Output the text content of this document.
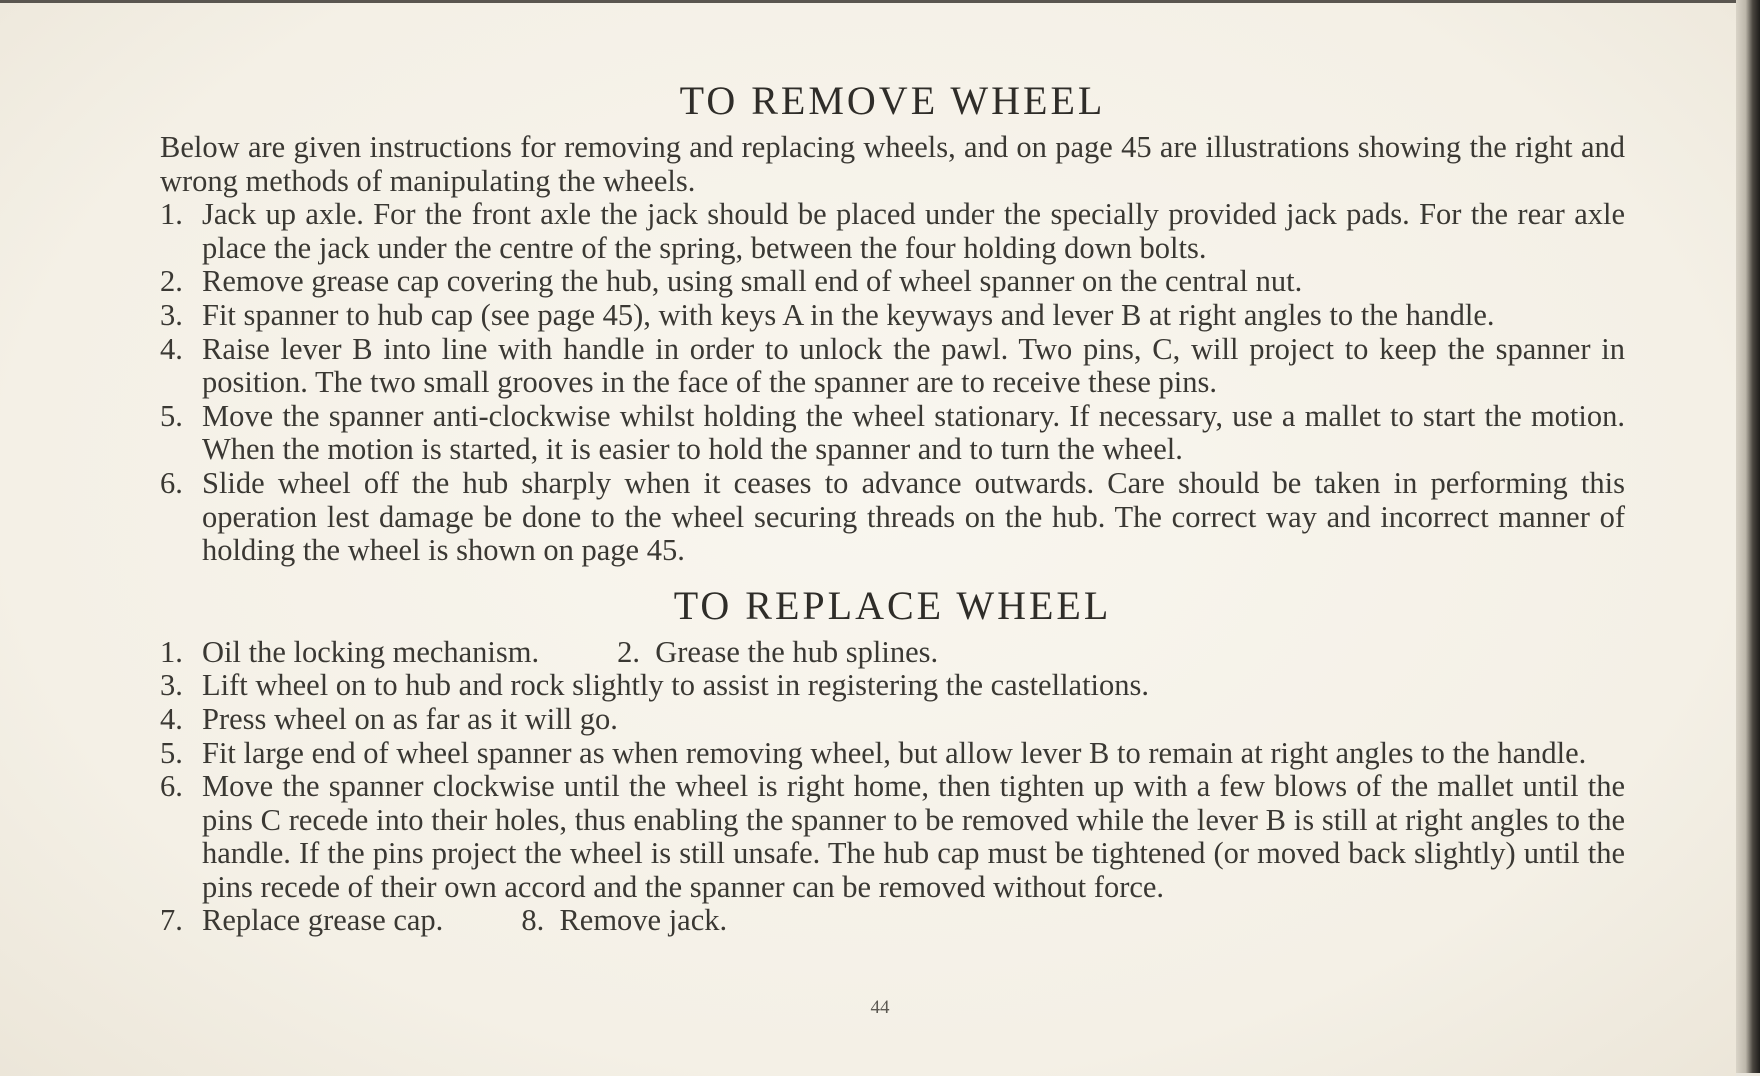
TO REMOVE WHEEL

Below are given instructions for removing and replacing wheels, and on page 45 are illustrations showing the right and wrong methods of manipulating the wheels.

1. Jack up axle. For the front axle the jack should be placed under the specially provided jack pads. For the rear axle place the jack under the centre of the spring, between the four holding down bolts.
2. Remove grease cap covering the hub, using small end of wheel spanner on the central nut.
3. Fit spanner to hub cap (see page 45), with keys A in the keyways and lever B at right angles to the handle.
4. Raise lever B into line with handle in order to unlock the pawl. Two pins, C, will project to keep the spanner in position. The two small grooves in the face of the spanner are to receive these pins.
5. Move the spanner anti-clockwise whilst holding the wheel stationary. If necessary, use a mallet to start the motion. When the motion is started, it is easier to hold the spanner and to turn the wheel.
6. Slide wheel off the hub sharply when it ceases to advance outwards. Care should be taken in performing this operation lest damage be done to the wheel securing threads on the hub. The correct way and incorrect manner of holding the wheel is shown on page 45.
TO REPLACE WHEEL
1. Oil the locking mechanism.	2. Grease the hub splines.
3. Lift wheel on to hub and rock slightly to assist in registering the castellations.
4. Press wheel on as far as it will go.
5. Fit large end of wheel spanner as when removing wheel, but allow lever B to remain at right angles to the handle.
6. Move the spanner clockwise until the wheel is right home, then tighten up with a few blows of the mallet until the pins C recede into their holes, thus enabling the spanner to be removed while the lever B is still at right angles to the handle. If the pins project the wheel is still unsafe. The hub cap must be tightened (or moved back slightly) until the pins recede of their own accord and the spanner can be removed without force.
7. Replace grease cap.	8. Remove jack.
44
